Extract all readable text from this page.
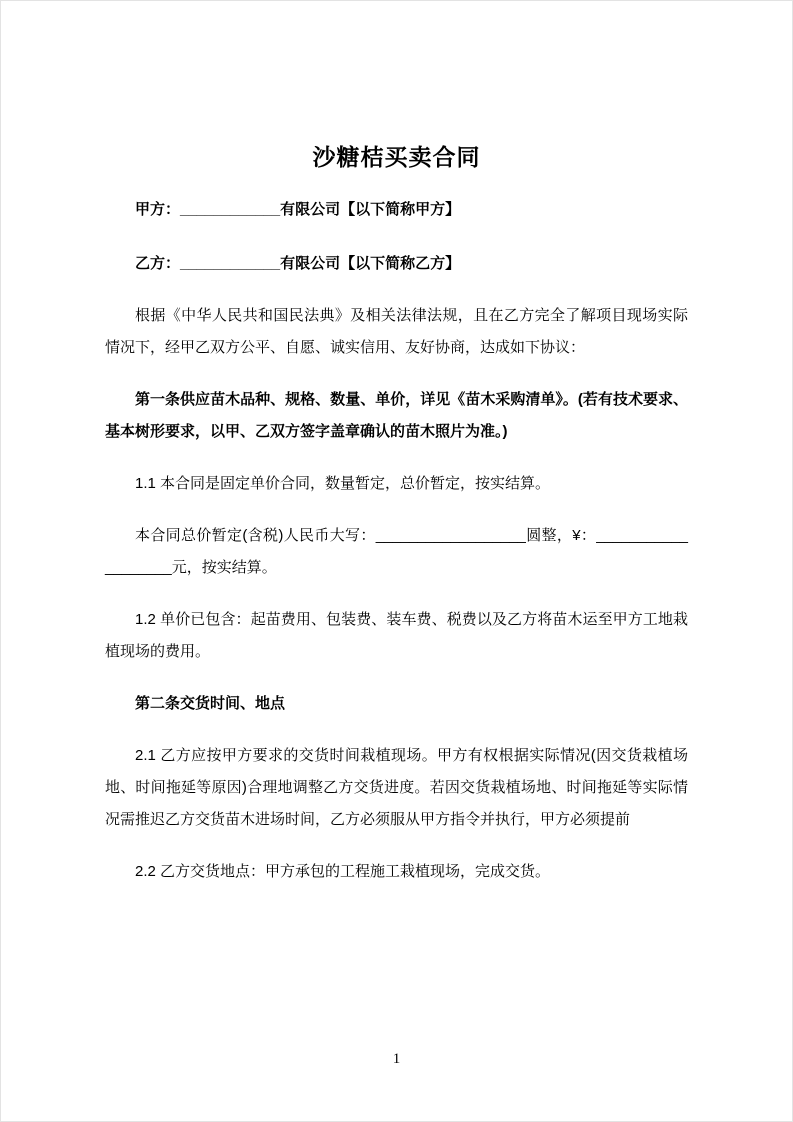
沙糖桔买卖合同

甲方：____________有限公司【以下简称甲方】

乙方：____________有限公司【以下简称乙方】

根据《中华人民共和国民法典》及相关法律法规，且在乙方完全了解项目现场实际情况下，经甲乙双方公平、自愿、诚实信用、友好协商，达成如下协议：

第一条供应苗木品种、规格、数量、单价，详见《苗木采购清单》。(若有技术要求、基本树形要求，以甲、乙双方签字盖章确认的苗木照片为准。)

1.1 本合同是固定单价合同，数量暂定，总价暂定，按实结算。

本合同总价暂定(含税)人民币大写：__________________圆整，¥：___________________元，按实结算。

1.2 单价已包含：起苗费用、包装费、装车费、税费以及乙方将苗木运至甲方工地栽植现场的费用。

第二条交货时间、地点

2.1 乙方应按甲方要求的交货时间栽植现场。甲方有权根据实际情况(因交货栽植场地、时间拖延等原因)合理地调整乙方交货进度。若因交货栽植场地、时间拖延等实际情况需推迟乙方交货苗木进场时间，乙方必须服从甲方指令并执行，甲方必须提前

2.2 乙方交货地点：甲方承包的工程施工栽植现场，完成交货。

1
